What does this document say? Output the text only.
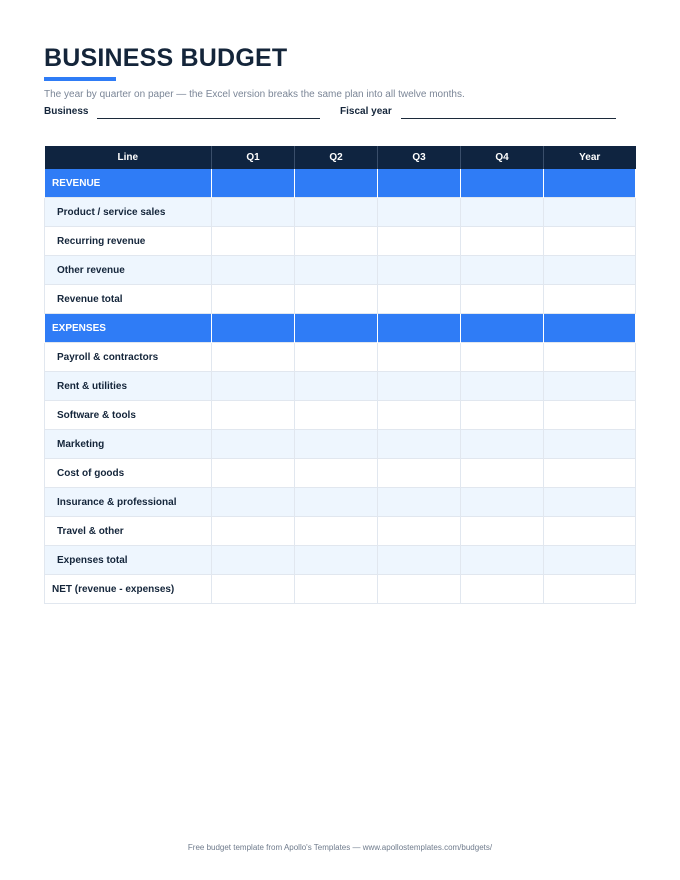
BUSINESS BUDGET
The year by quarter on paper — the Excel version breaks the same plan into all twelve months.
Business	Fiscal year
Line	Q1	Q2	Q3	Q4	Year
REVENUE					
Product / service sales					
Recurring revenue					
Other revenue					
Revenue total					
EXPENSES					
Payroll & contractors					
Rent & utilities					
Software & tools					
Marketing					
Cost of goods					
Insurance & professional					
Travel & other					
Expenses total					
NET (revenue - expenses)					
Free budget template from Apollo's Templates — www.apollostemplates.com/budgets/
